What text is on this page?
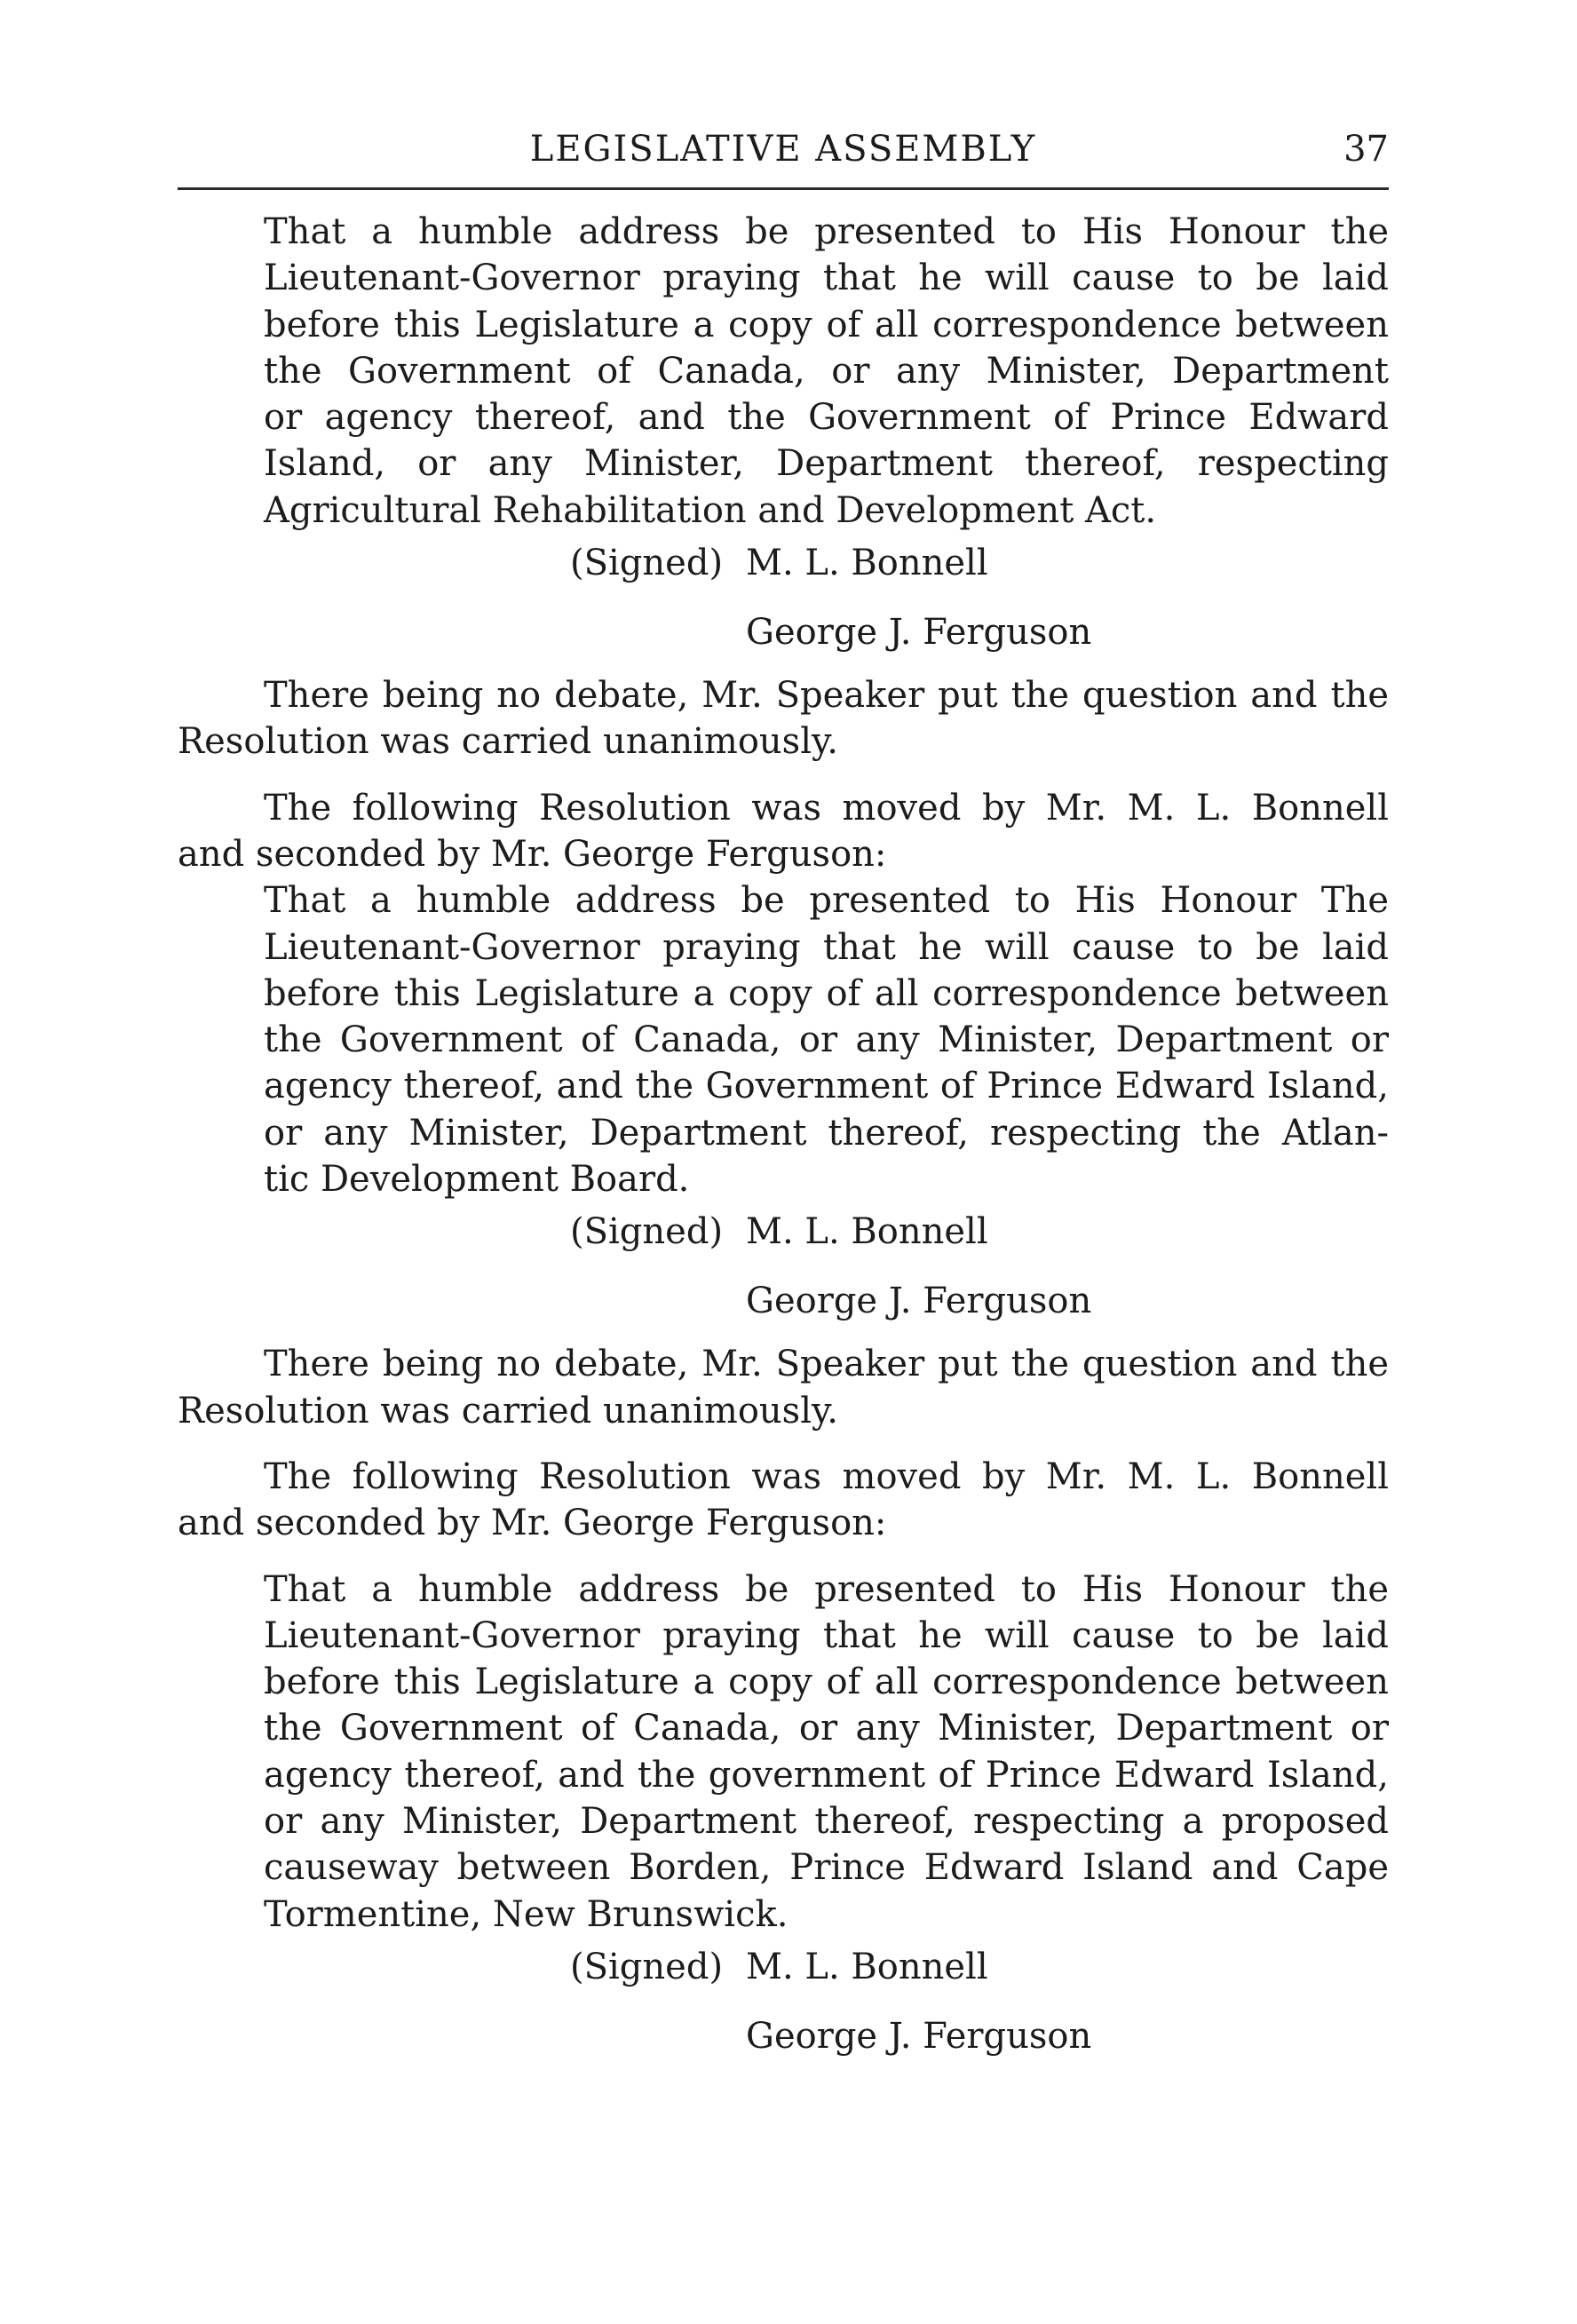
LEGISLATIVE ASSEMBLY	37
That a humble address be presented to His Honour the
Lieutenant-Governor praying that he will cause to be laid
before this Legislature a copy of all correspondence between
the Government of Canada, or any Minister, Department
or agency thereof, and the Government of Prince Edward
Island, or any Minister, Department thereof, respecting
Agricultural Rehabilitation and Development Act.
(Signed) M. L. Bonnell
George J. Ferguson
There being no debate, Mr. Speaker put the question and the
Resolution was carried unanimously.
The following Resolution was moved by Mr. M. L. Bonnell
and seconded by Mr. George Ferguson:
That a humble address be presented to His Honour The
Lieutenant-Governor praying that he will cause to be laid
before this Legislature a copy of all correspondence between
the Government of Canada, or any Minister, Department or
agency thereof, and the Government of Prince Edward Island,
or any Minister, Department thereof, respecting the Atlan-
tic Development Board.
(Signed) M. L. Bonnell
George J. Ferguson
There being no debate, Mr. Speaker put the question and the
Resolution was carried unanimously.
The following Resolution was moved by Mr. M. L. Bonnell
and seconded by Mr. George Ferguson:
That a humble address be presented to His Honour the
Lieutenant-Governor praying that he will cause to be laid
before this Legislature a copy of all correspondence between
the Government of Canada, or any Minister, Department or
agency thereof, and the government of Prince Edward Island,
or any Minister, Department thereof, respecting a proposed
causeway between Borden, Prince Edward Island and Cape
Tormentine, New Brunswick.
(Signed) M. L. Bonnell
George J. Ferguson
